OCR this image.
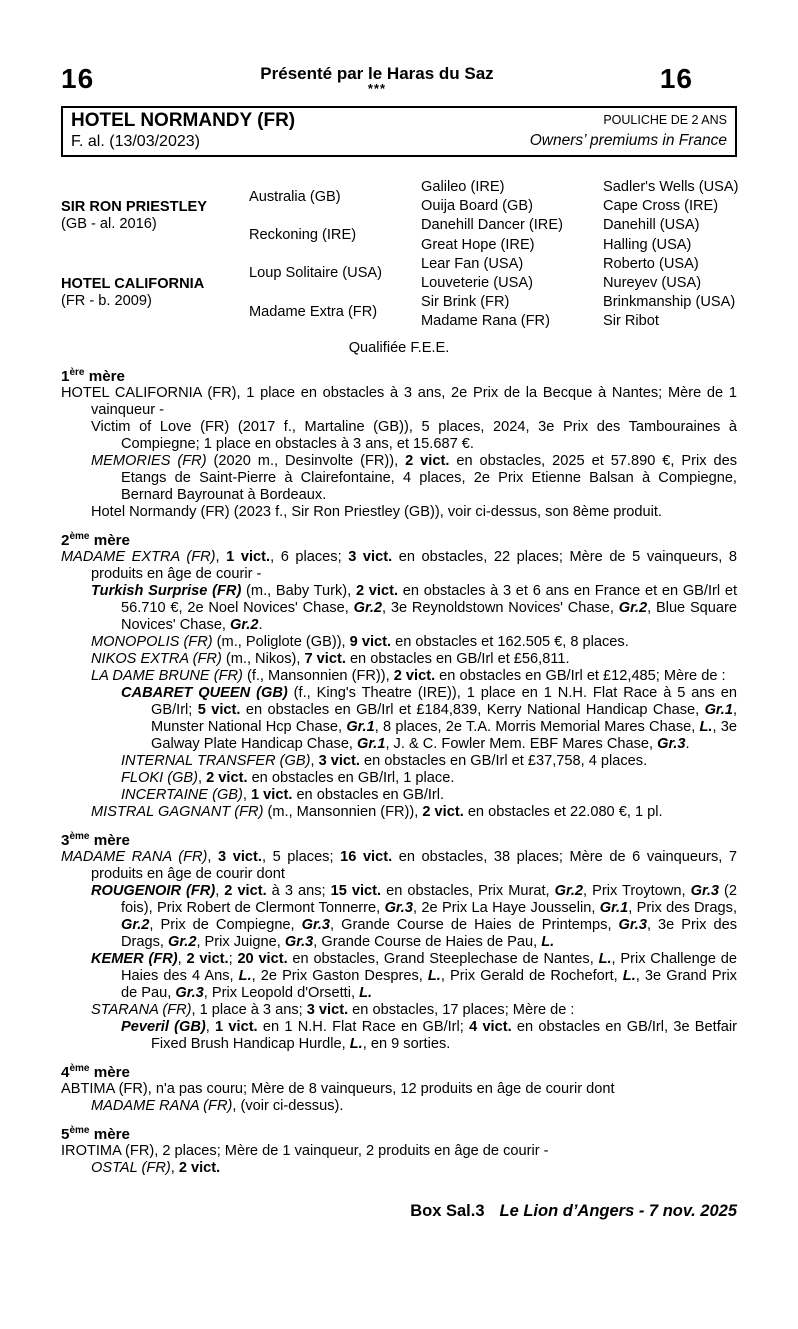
16	Présenté par le Haras du Saz
***	16
HOTEL NORMANDY (FR)
F. al. (13/03/2023)
POULICHE DE 2 ANS
Owners’ premiums in France
SIR RON PRIESTLEY
(GB - al. 2016)
HOTEL CALIFORNIA
(FR - b. 2009)
Australia (GB)
Reckoning (IRE)
Loup Solitaire (USA)
Madame Extra (FR)
Galileo (IRE)
Ouija Board (GB)
Danehill Dancer (IRE)
Great Hope (IRE)
Lear Fan (USA)
Louveterie (USA)
Sir Brink (FR)
Madame Rana (FR)
Sadler's Wells (USA)
Cape Cross (IRE)
Danehill (USA)
Halling (USA)
Roberto (USA)
Nureyev (USA)
Brinkmanship (USA)
Sir Ribot
Qualifiée F.E.E.
1ère mère

HOTEL CALIFORNIA (FR), 1 place en obstacles à 3 ans, 2e Prix de la Becque à Nantes; Mère de 1 vainqueur -

Victim of Love (FR) (2017 f., Martaline (GB)), 5 places, 2024, 3e Prix des Tambouraines à Compiegne; 1 place en obstacles à 3 ans, et 15.687 €.

MEMORIES (FR) (2020 m., Desinvolte (FR)), 2 vict. en obstacles, 2025 et 57.890 €, Prix des Etangs de Saint-Pierre à Clairefontaine, 4 places, 2e Prix Etienne Balsan à Compiegne, Bernard Bayrounat à Bordeaux.

Hotel Normandy (FR) (2023 f., Sir Ron Priestley (GB)), voir ci-dessus, son 8ème produit.

2ème mère

MADAME EXTRA (FR), 1 vict., 6 places; 3 vict. en obstacles, 22 places; Mère de 5 vainqueurs, 8 produits en âge de courir -

Turkish Surprise (FR) (m., Baby Turk), 2 vict. en obstacles à 3 et 6 ans en France et en GB/Irl et 56.710 €, 2e Noel Novices' Chase, Gr.2, 3e Reynoldstown Novices' Chase, Gr.2, Blue Square Novices' Chase, Gr.2.

MONOPOLIS (FR) (m., Poliglote (GB)), 9 vict. en obstacles et 162.505 €, 8 places.

NIKOS EXTRA (FR) (m., Nikos), 7 vict. en obstacles en GB/Irl et £56,811.

LA DAME BRUNE (FR) (f., Mansonnien (FR)), 2 vict. en obstacles en GB/Irl et £12,485; Mère de :

CABARET QUEEN (GB) (f., King's Theatre (IRE)), 1 place en 1 N.H. Flat Race à 5 ans en GB/Irl; 5 vict. en obstacles en GB/Irl et £184,839, Kerry National Handicap Chase, Gr.1, Munster National Hcp Chase, Gr.1, 8 places, 2e T.A. Morris Memorial Mares Chase, L., 3e Galway Plate Handicap Chase, Gr.1, J. & C. Fowler Mem. EBF Mares Chase, Gr.3.

INTERNAL TRANSFER (GB), 3 vict. en obstacles en GB/Irl et £37,758, 4 places.

FLOKI (GB), 2 vict. en obstacles en GB/Irl, 1 place.

INCERTAINE (GB), 1 vict. en obstacles en GB/Irl.

MISTRAL GAGNANT (FR) (m., Mansonnien (FR)), 2 vict. en obstacles et 22.080 €, 1 pl.

3ème mère

MADAME RANA (FR), 3 vict., 5 places; 16 vict. en obstacles, 38 places; Mère de 6 vainqueurs, 7 produits en âge de courir dont

ROUGENOIR (FR), 2 vict. à 3 ans; 15 vict. en obstacles, Prix Murat, Gr.2, Prix Troytown, Gr.3 (2 fois), Prix Robert de Clermont Tonnerre, Gr.3, 2e Prix La Haye Jousselin, Gr.1, Prix des Drags, Gr.2, Prix de Compiegne, Gr.3, Grande Course de Haies de Printemps, Gr.3, 3e Prix des Drags, Gr.2, Prix Juigne, Gr.3, Grande Course de Haies de Pau, L.

KEMER (FR), 2 vict.; 20 vict. en obstacles, Grand Steeplechase de Nantes, L., Prix Challenge de Haies des 4 Ans, L., 2e Prix Gaston Despres, L., Prix Gerald de Rochefort, L., 3e Grand Prix de Pau, Gr.3, Prix Leopold d'Orsetti, L.

STARANA (FR), 1 place à 3 ans; 3 vict. en obstacles, 17 places; Mère de :

Peveril (GB), 1 vict. en 1 N.H. Flat Race en GB/Irl; 4 vict. en obstacles en GB/Irl, 3e Betfair Fixed Brush Handicap Hurdle, L., en 9 sorties.

4ème mère

ABTIMA (FR), n'a pas couru; Mère de 8 vainqueurs, 12 produits en âge de courir dont

MADAME RANA (FR), (voir ci-dessus).

5ème mère

IROTIMA (FR), 2 places; Mère de 1 vainqueur, 2 produits en âge de courir -

OSTAL (FR), 2 vict.

Box Sal.3 Le Lion d’Angers - 7 nov. 2025
